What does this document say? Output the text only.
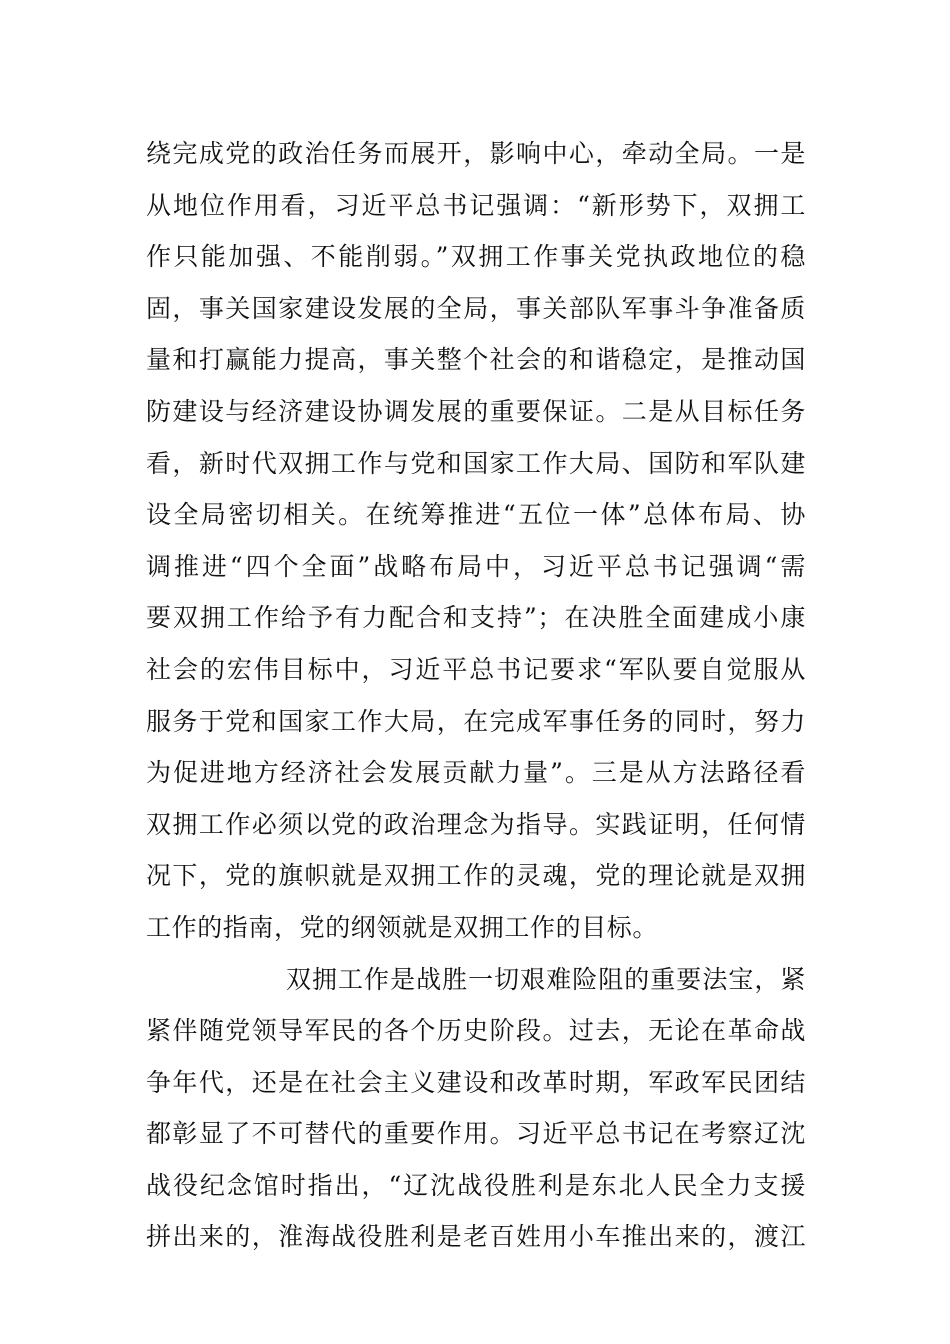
绕完成党的政治任务而展开，影响中心，牵动全局。一是
从地位作用看，习近平总书记强调：“新形势下，双拥工
作只能加强、不能削弱。”双拥工作事关党执政地位的稳
固，事关国家建设发展的全局，事关部队军事斗争准备质
量和打赢能力提高，事关整个社会的和谐稳定，是推动国
防建设与经济建设协调发展的重要保证。二是从目标任务
看，新时代双拥工作与党和国家工作大局、国防和军队建
设全局密切相关。在统筹推进“五位一体”总体布局、协
调推进“四个全面”战略布局中，习近平总书记强调“需
要双拥工作给予有力配合和支持”；在决胜全面建成小康
社会的宏伟目标中，习近平总书记要求“军队要自觉服从
服务于党和国家工作大局，在完成军事任务的同时，努力
为促进地方经济社会发展贡献力量”。三是从方法路径看
双拥工作必须以党的政治理念为指导。实践证明，任何情
况下，党的旗帜就是双拥工作的灵魂，党的理论就是双拥
工作的指南，党的纲领就是双拥工作的目标。
双拥工作是战胜一切艰难险阻的重要法宝，紧
紧伴随党领导军民的各个历史阶段。过去，无论在革命战
争年代，还是在社会主义建设和改革时期，军政军民团结
都彰显了不可替代的重要作用。习近平总书记在考察辽沈
战役纪念馆时指出，“辽沈战役胜利是东北人民全力支援
拼出来的，淮海战役胜利是老百姓用小车推出来的，渡江
